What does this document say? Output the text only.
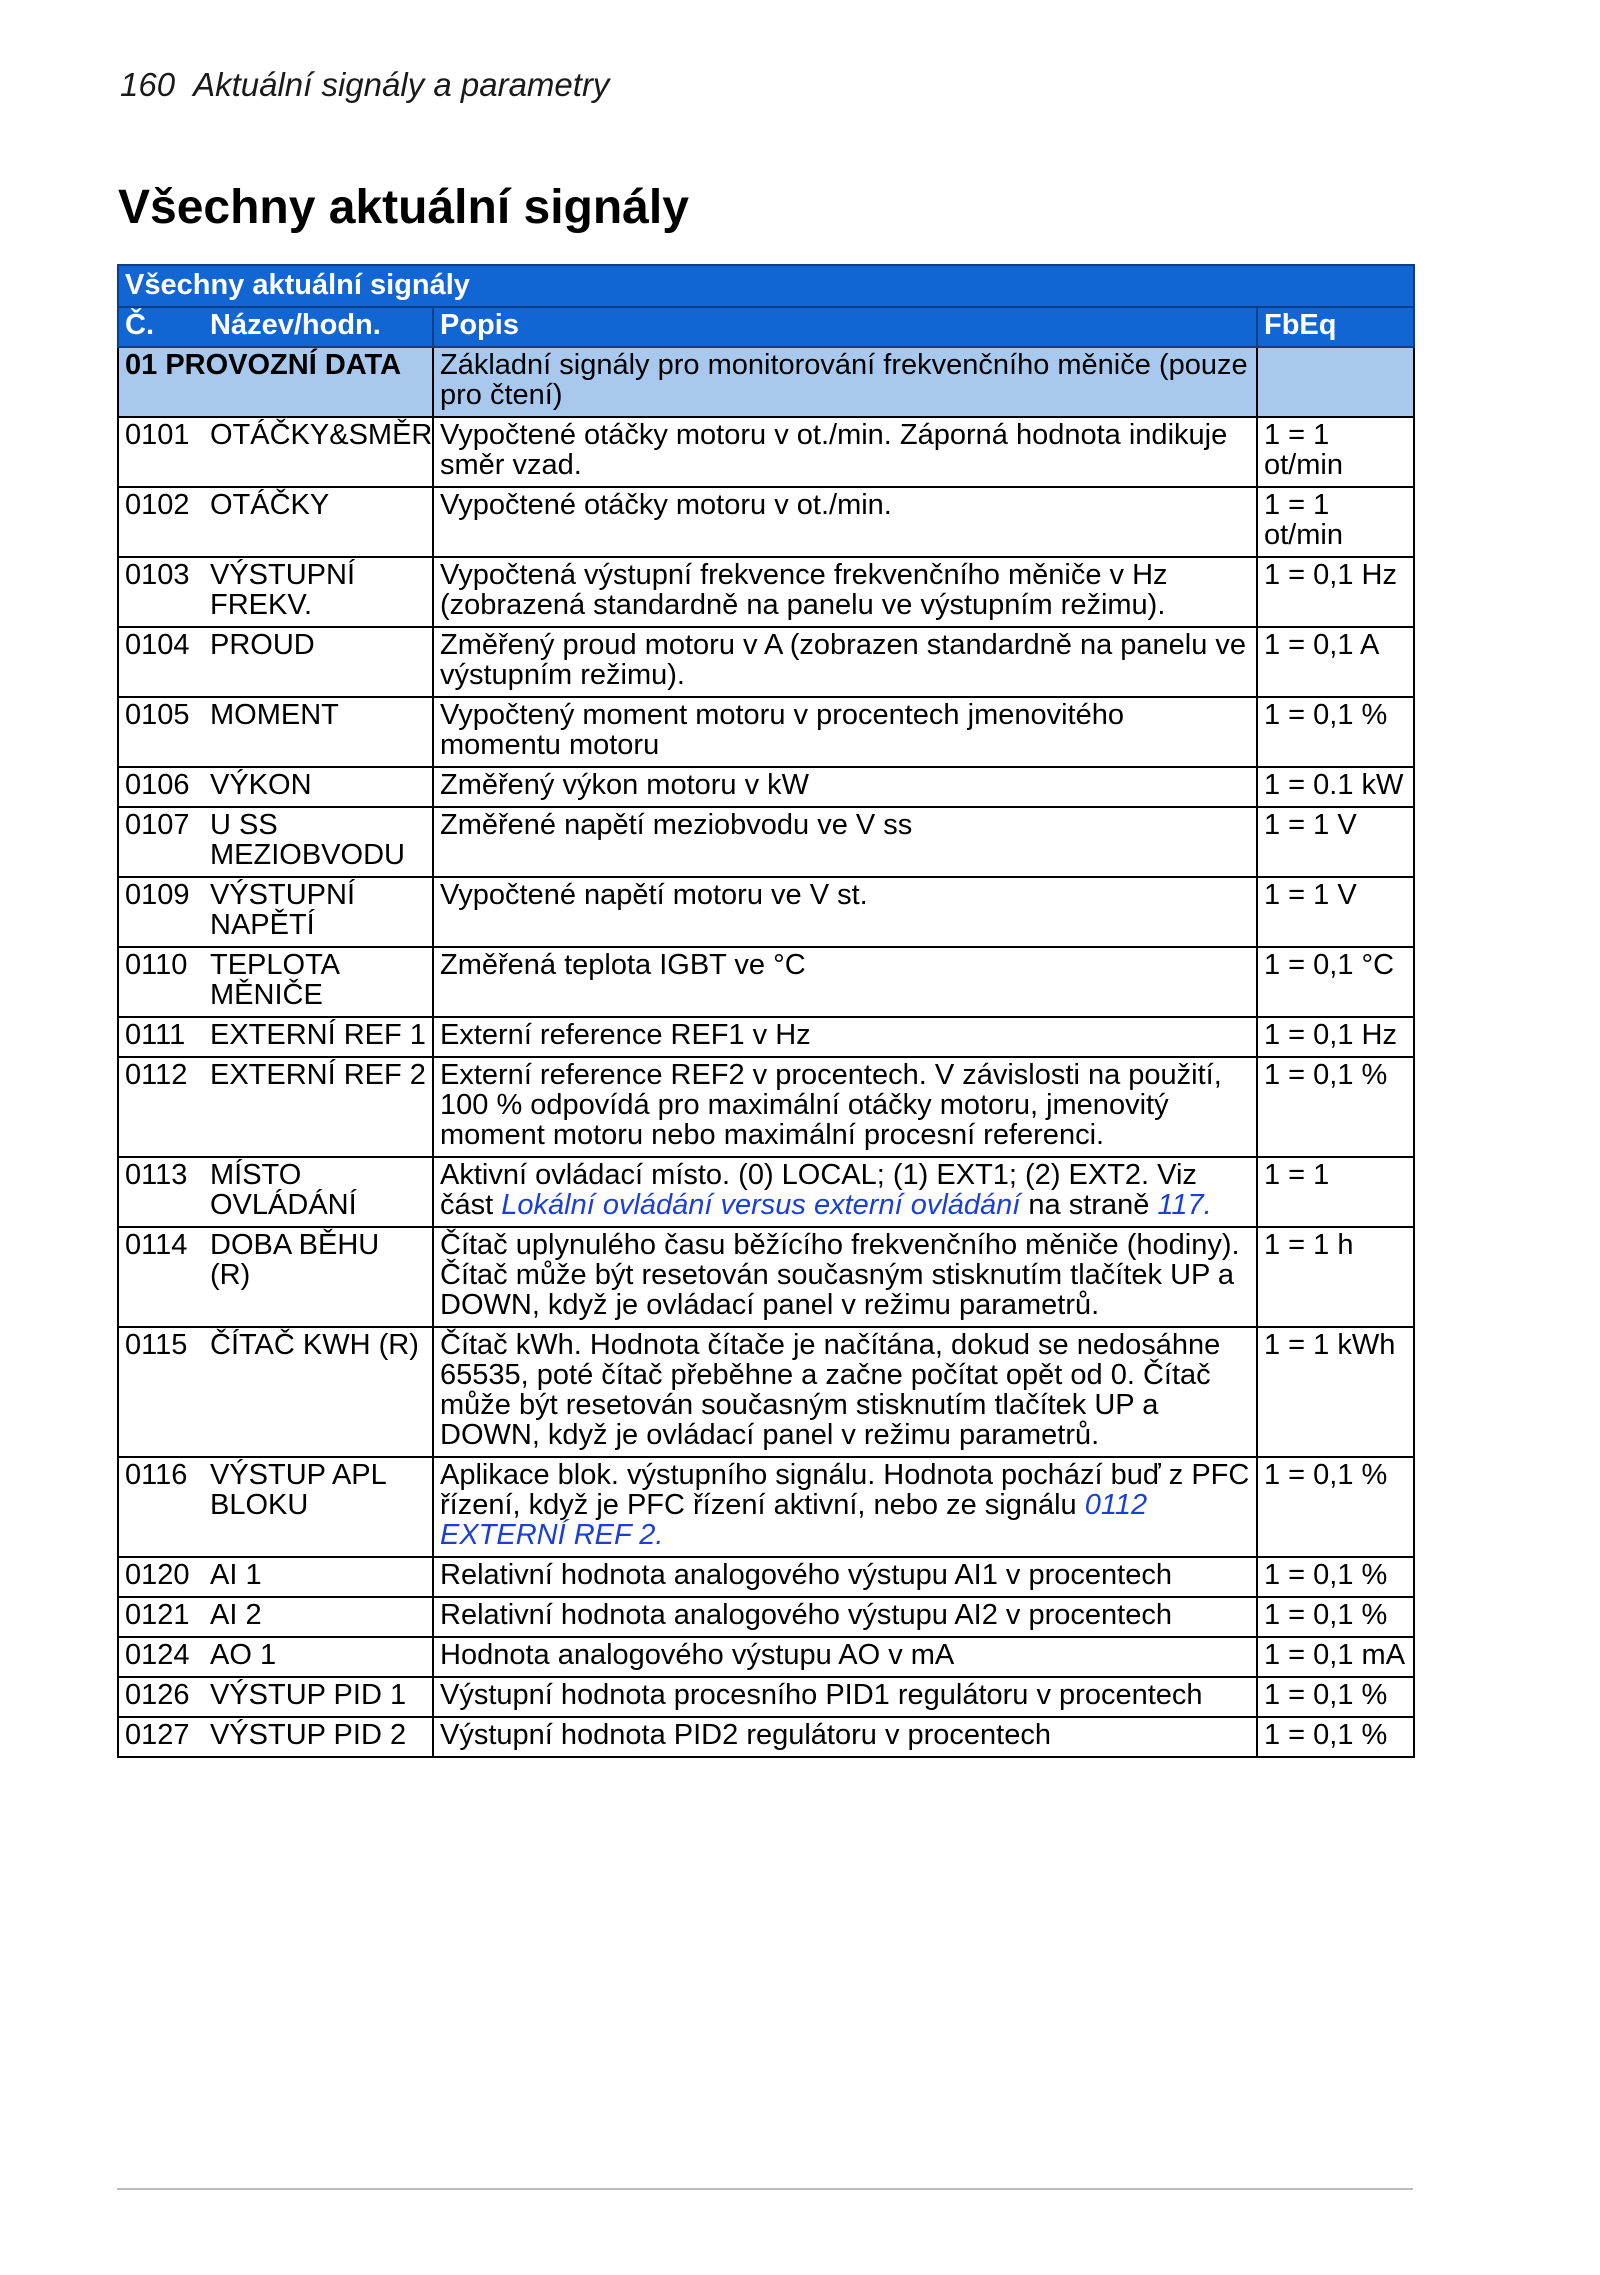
160 Aktuální signály a parametry
Všechny aktuální signály
Všechny aktuální signály		

Č. Název/hodn.	Popis	FbEq
01 PROVOZNÍ DATA	Základní signály pro monitorování frekvenčního měniče (pouze pro čtení)	

0101 OTÁČKY&SMĚR	Vypočtené otáčky motoru v ot./min. Záporná hodnota indikuje směr vzad.	1 = 1 ot/min

0102 OTÁČKY	Vypočtené otáčky motoru v ot./min.	1 = 1 ot/min

0103 VÝSTUPNÍ FREKV.	Vypočtená výstupní frekvence frekvenčního měniče v Hz (zobrazená standardně na panelu ve výstupním režimu).	1 = 0,1 Hz

0104 PROUD	Změřený proud motoru v A (zobrazen standardně na panelu ve výstupním režimu).	1 = 0,1 A

0105 MOMENT	Vypočtený moment motoru v procentech jmenovitého momentu motoru	1 = 0,1 %

0106 VÝKON	Změřený výkon motoru v kW	1 = 0.1 kW

0107 U SS MEZIOBVODU	Změřené napětí meziobvodu ve V ss	1 = 1 V

0109 VÝSTUPNÍ NAPĚTÍ	Vypočtené napětí motoru ve V st.	1 = 1 V

0110 TEPLOTA MĚNIČE	Změřená teplota IGBT ve °C	1 = 0,1 °C

0111 EXTERNÍ REF 1	Externí reference REF1 v Hz	1 = 0,1 Hz

0112 EXTERNÍ REF 2	Externí reference REF2 v procentech. V závislosti na použití, 100 % odpovídá pro maximální otáčky motoru, jmenovitý moment motoru nebo maximální procesní referenci.	1 = 0,1 %

0113 MÍSTO OVLÁDÁNÍ	Aktivní ovládací místo. (0) LOCAL; (1) EXT1; (2) EXT2. Viz část Lokální ovládání versus externí ovládání na straně 117.	1 = 1

0114 DOBA BĚHU (R)	Čítač uplynulého času běžícího frekvenčního měniče (hodiny). Čítač může být resetován současným stisknutím tlačítek UP a DOWN, když je ovládací panel v režimu parametrů.	1 = 1 h

0115 ČÍTAČ KWH (R)	Čítač kWh. Hodnota čítače je načítána, dokud se nedosáhne 65535, poté čítač přeběhne a začne počítat opět od 0. Čítač může být resetován současným stisknutím tlačítek UP a DOWN, když je ovládací panel v režimu parametrů.	1 = 1 kWh

0116 VÝSTUP APL BLOKU	Aplikace blok. výstupního signálu. Hodnota pochází buď z PFC řízení, když je PFC řízení aktivní, nebo ze signálu 0112 EXTERNÍ REF 2.	1 = 0,1 %

0120 AI 1	Relativní hodnota analogového výstupu AI1 v procentech	1 = 0,1 %

0121 AI 2	Relativní hodnota analogového výstupu AI2 v procentech	1 = 0,1 %

0124 AO 1	Hodnota analogového výstupu AO v mA	1 = 0,1 mA

0126 VÝSTUP PID 1	Výstupní hodnota procesního PID1 regulátoru v procentech	1 = 0,1 %

0127 VÝSTUP PID 2	Výstupní hodnota PID2 regulátoru v procentech	1 = 0,1 %
